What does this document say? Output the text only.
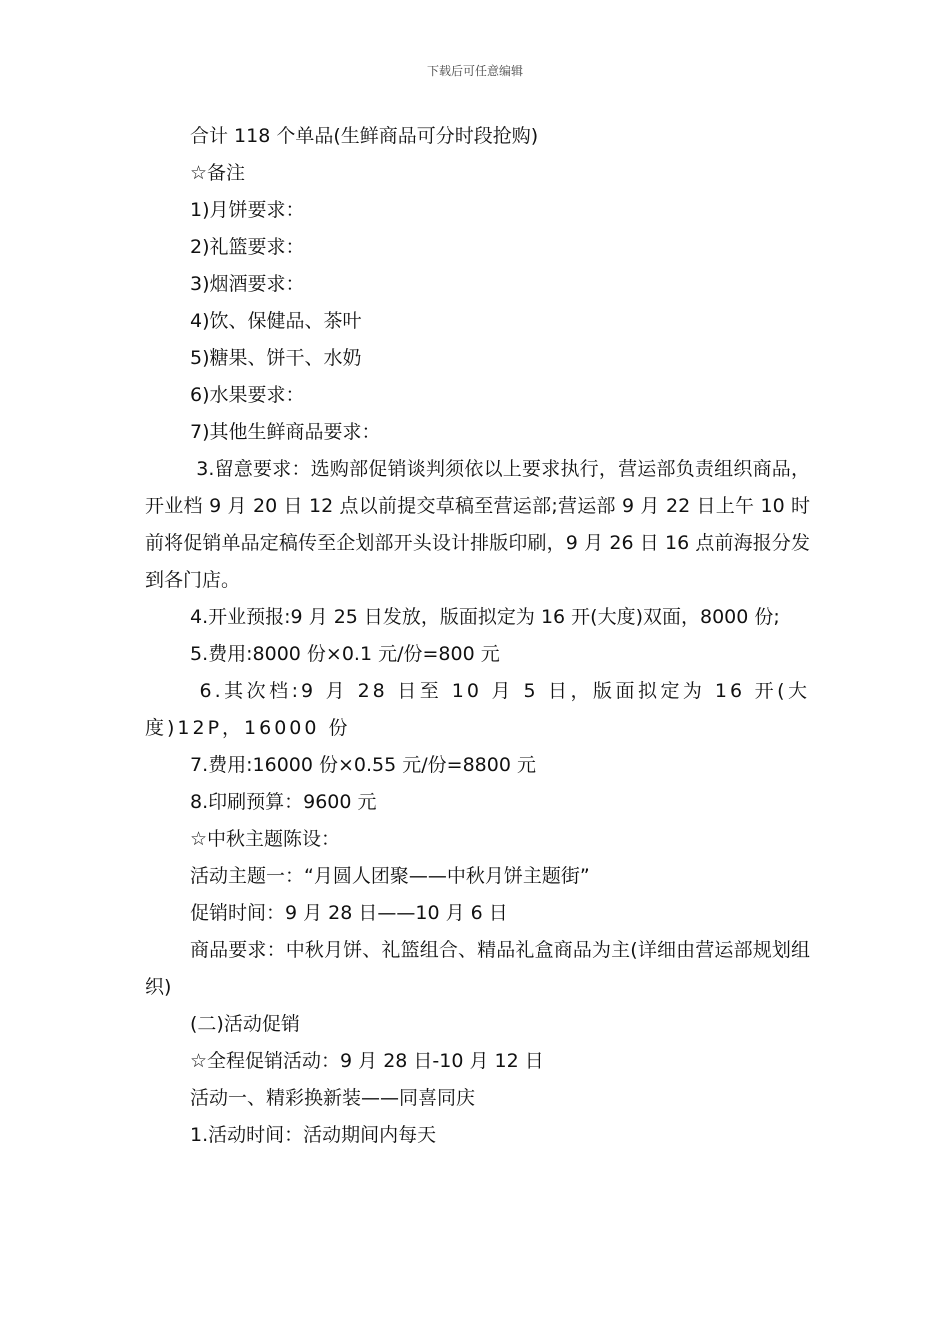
下载后可任意编辑

合计 118 个单品(生鲜商品可分时段抢购)

☆备注

1)月饼要求：

2)礼篮要求：

3)烟酒要求：

4)饮、保健品、茶叶

5)糖果、饼干、水奶

6)水果要求：

7)其他生鲜商品要求：

3.留意要求：选购部促销谈判须依以上要求执行，营运部负责组织商品，开业档 9 月 20 日 12 点以前提交草稿至营运部;营运部 9 月 22 日上午 10 时前将促销单品定稿传至企划部开头设计排版印刷，9 月 26 日 16 点前海报分发到各门店。

4.开业预报:9 月 25 日发放，版面拟定为 16 开(大度)双面，8000 份;

5.费用:8000 份×0.1 元/份=800 元

6.其次档:9 月 28 日至 10 月 5 日，版面拟定为 16 开(大度)12P，16000 份

7.费用:16000 份×0.55 元/份=8800 元

8.印刷预算：9600 元

☆中秋主题陈设：

活动主题一：“月圆人团聚——中秋月饼主题街”

促销时间：9 月 28 日——10 月 6 日

商品要求：中秋月饼、礼篮组合、精品礼盒商品为主(详细由营运部规划组织)

(二)活动促销

☆全程促销活动：9 月 28 日-10 月 12 日

活动一、精彩换新装——同喜同庆

1.活动时间：活动期间内每天
